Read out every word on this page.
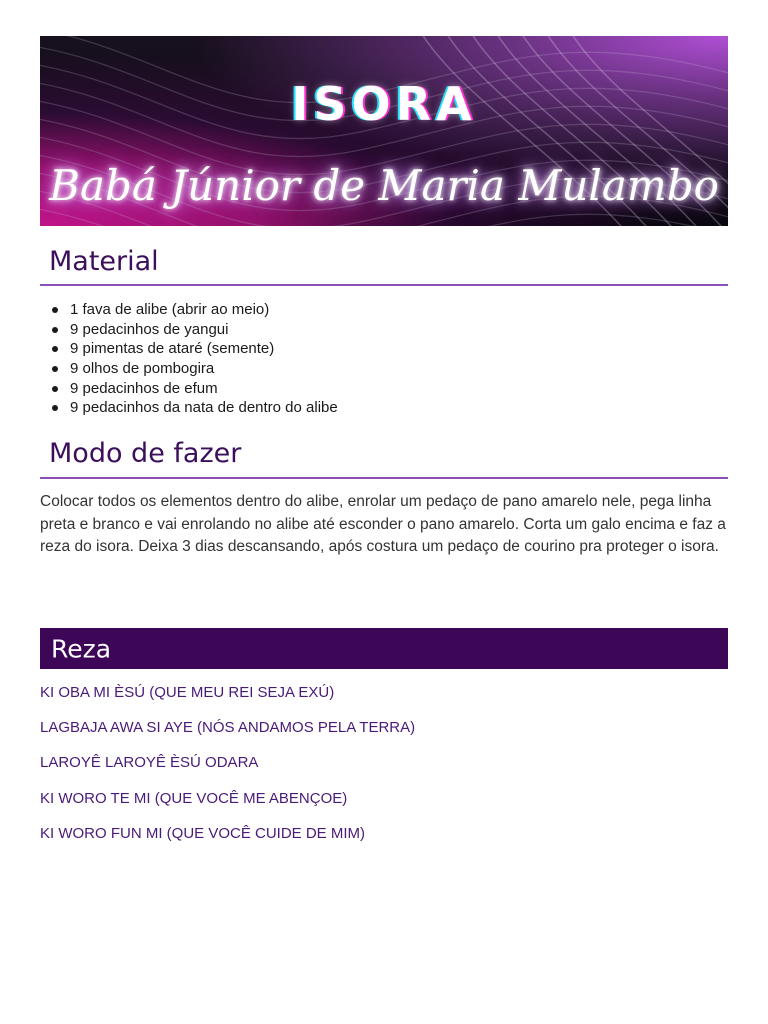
ISORA
Babá Júnior de Maria Mulambo
Material
1 fava de alibe (abrir ao meio)
9 pedacinhos de yangui
9 pimentas de ataré (semente)
9 olhos de pombogira
9 pedacinhos de efum
9 pedacinhos da nata de dentro do alibe
Modo de fazer

Colocar todos os elementos dentro do alibe, enrolar um pedaço de pano amarelo nele, pega linha preta e branco e vai enrolando no alibe até esconder o pano amarelo. Corta um galo encima e faz a reza do isora. Deixa 3 dias descansando, após costura um pedaço de courino pra proteger o isora.

Reza
KI OBA MI ÈSÚ (QUE MEU REI SEJA EXÚ)
LAGBAJA AWA SI AYE (NÓS ANDAMOS PELA TERRA)
LAROYÊ LAROYÊ ÈSÚ ODARA
KI WORO TE MI (QUE VOCÊ ME ABENÇOE)
KI WORO FUN MI (QUE VOCÊ CUIDE DE MIM)
